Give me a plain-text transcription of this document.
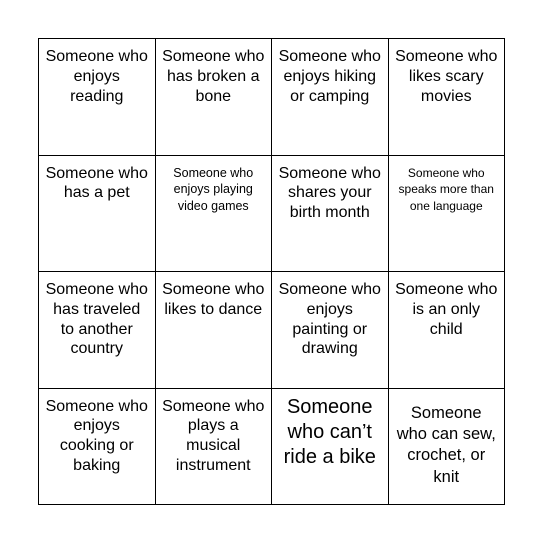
Someone who enjoys reading	Someone who has broken a bone	Someone who enjoys hiking or camping	Someone who likes scary movies

Someone who has a pet	Someone who enjoys playing video games	Someone who shares your birth month	Someone who speaks more than one language

Someone who has traveled to another country	Someone who likes to dance	Someone who enjoys painting or drawing	Someone who is an only child

Someone who enjoys cooking or baking	Someone who plays a musical instrument	Someone who can’t ride a bike	Someone who can sew, crochet, or knit
